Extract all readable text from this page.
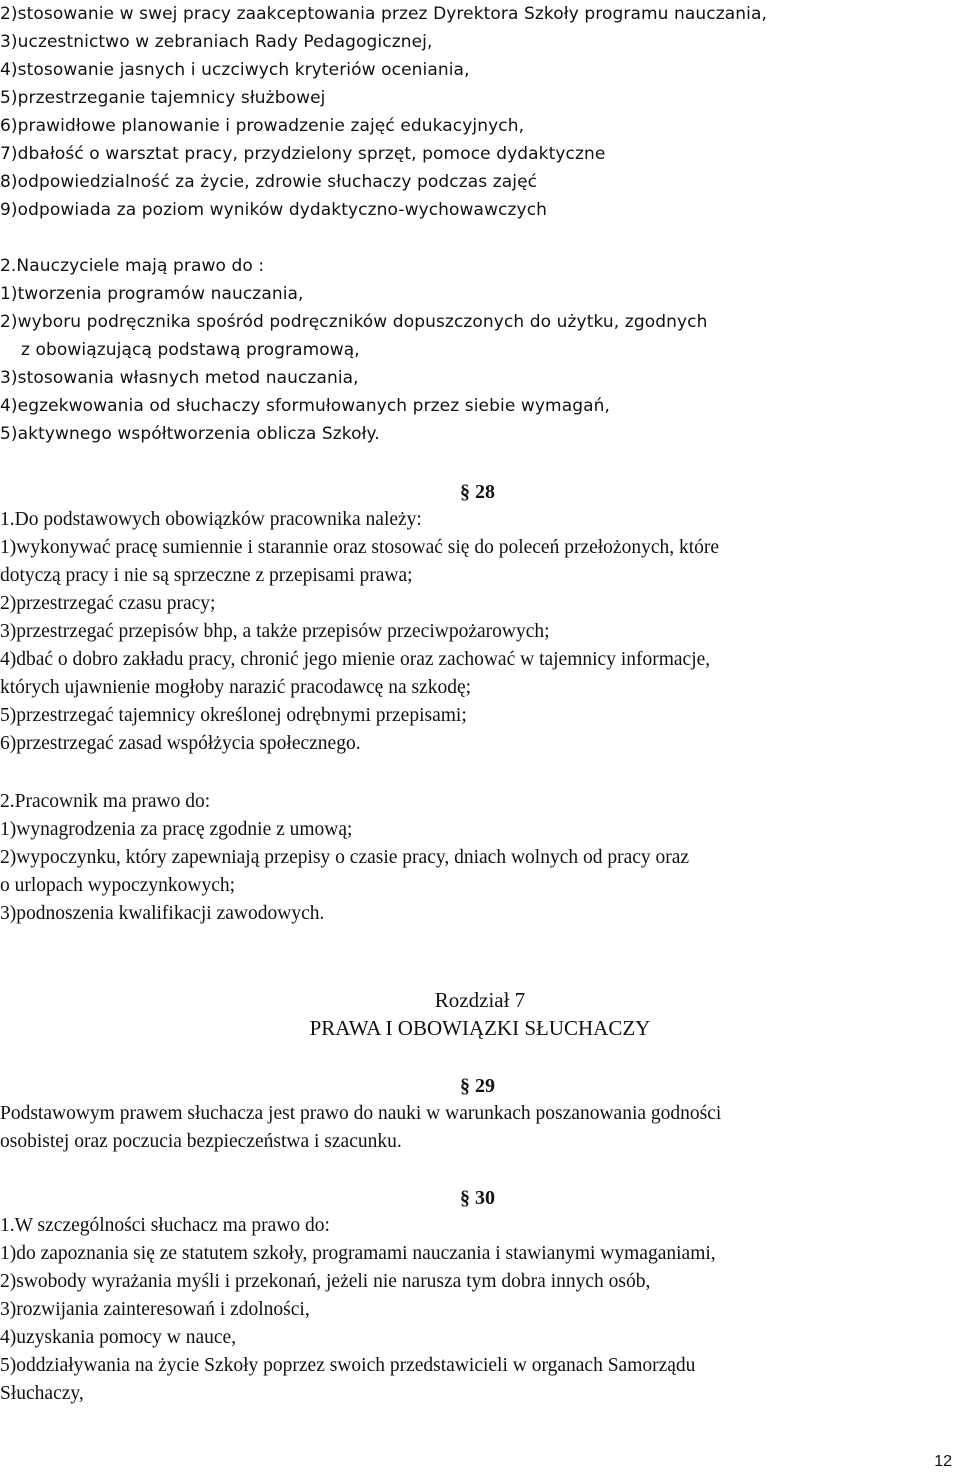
2)stosowanie w swej pracy zaakceptowania przez Dyrektora Szkoły programu nauczania,

3)uczestnictwo w zebraniach Rady Pedagogicznej,

4)stosowanie jasnych i uczciwych kryteriów oceniania,

5)przestrzeganie tajemnicy służbowej

6)prawidłowe planowanie i prowadzenie zajęć edukacyjnych,

7)dbałość o warsztat pracy, przydzielony sprzęt, pomoce dydaktyczne

8)odpowiedzialność za życie, zdrowie słuchaczy podczas zajęć

9)odpowiada za poziom wyników dydaktyczno-wychowawczych

2.Nauczyciele mają prawo do :

1)tworzenia programów nauczania,

2)wyboru podręcznika spośród podręczników dopuszczonych do użytku, zgodnych

z obowiązującą podstawą programową,

3)stosowania własnych metod nauczania,

4)egzekwowania od słuchaczy sformułowanych przez siebie wymagań,

5)aktywnego współtworzenia oblicza Szkoły.

§ 28

1.Do podstawowych obowiązków pracownika należy:

1)wykonywać pracę sumiennie i starannie oraz stosować się do poleceń przełożonych, które

dotyczą pracy i nie są sprzeczne z przepisami prawa;

2)przestrzegać czasu pracy;

3)przestrzegać przepisów bhp, a także przepisów przeciwpożarowych;

4)dbać o dobro zakładu pracy, chronić jego mienie oraz zachować w tajemnicy informacje,

których ujawnienie mogłoby narazić pracodawcę na szkodę;

5)przestrzegać tajemnicy określonej odrębnymi przepisami;

6)przestrzegać zasad współżycia społecznego.

2.Pracownik ma prawo do:

1)wynagrodzenia za pracę zgodnie z umową;

2)wypoczynku, który zapewniają przepisy o czasie pracy, dniach wolnych od pracy oraz

o urlopach wypoczynkowych;

3)podnoszenia kwalifikacji zawodowych.

Rozdział 7

PRAWA I OBOWIĄZKI SŁUCHACZY

§ 29

Podstawowym prawem słuchacza jest prawo do nauki w warunkach poszanowania godności

osobistej oraz poczucia bezpieczeństwa i szacunku.

§ 30

1.W szczególności słuchacz ma prawo do:

1)do zapoznania się ze statutem szkoły, programami nauczania i stawianymi wymaganiami,

2)swobody wyrażania myśli i przekonań, jeżeli nie narusza tym dobra innych osób,

3)rozwijania zainteresowań i zdolności,

4)uzyskania pomocy w nauce,

5)oddziaływania na życie Szkoły poprzez swoich przedstawicieli w organach Samorządu

Słuchaczy,

12
